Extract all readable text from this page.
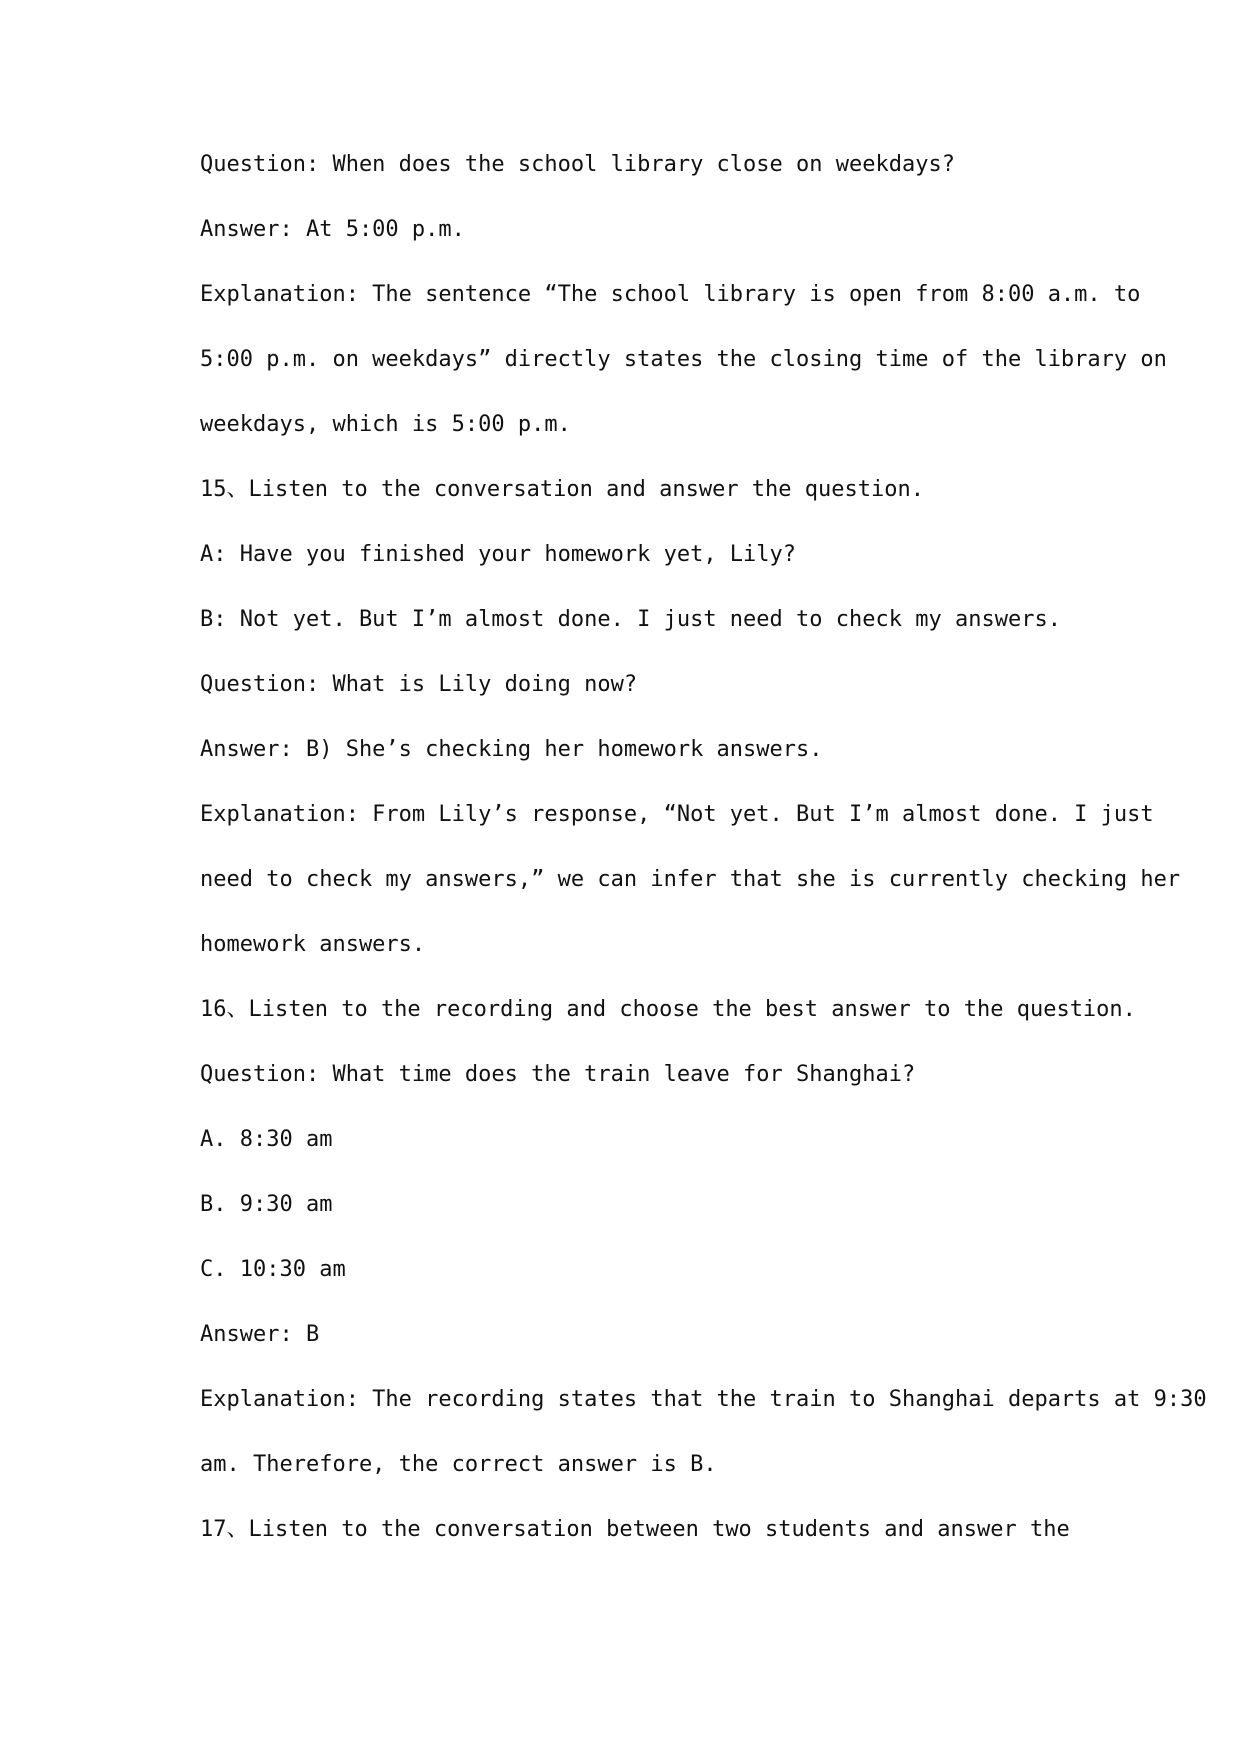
Question: When does the school library close on weekdays?
Answer: At 5:00 p.m.
Explanation: The sentence “The school library is open from 8:00 a.m. to
5:00 p.m. on weekdays” directly states the closing time of the library on
weekdays, which is 5:00 p.m.
15、Listen to the conversation and answer the question.
A: Have you finished your homework yet, Lily?
B: Not yet. But I’m almost done. I just need to check my answers.
Question: What is Lily doing now?
Answer: B) She’s checking her homework answers.
Explanation: From Lily’s response, “Not yet. But I’m almost done. I just
need to check my answers,” we can infer that she is currently checking her
homework answers.
16、Listen to the recording and choose the best answer to the question.
Question: What time does the train leave for Shanghai?
A. 8:30 am
B. 9:30 am
C. 10:30 am
Answer: B
Explanation: The recording states that the train to Shanghai departs at 9:30
am. Therefore, the correct answer is B.
17、Listen to the conversation between two students and answer the
